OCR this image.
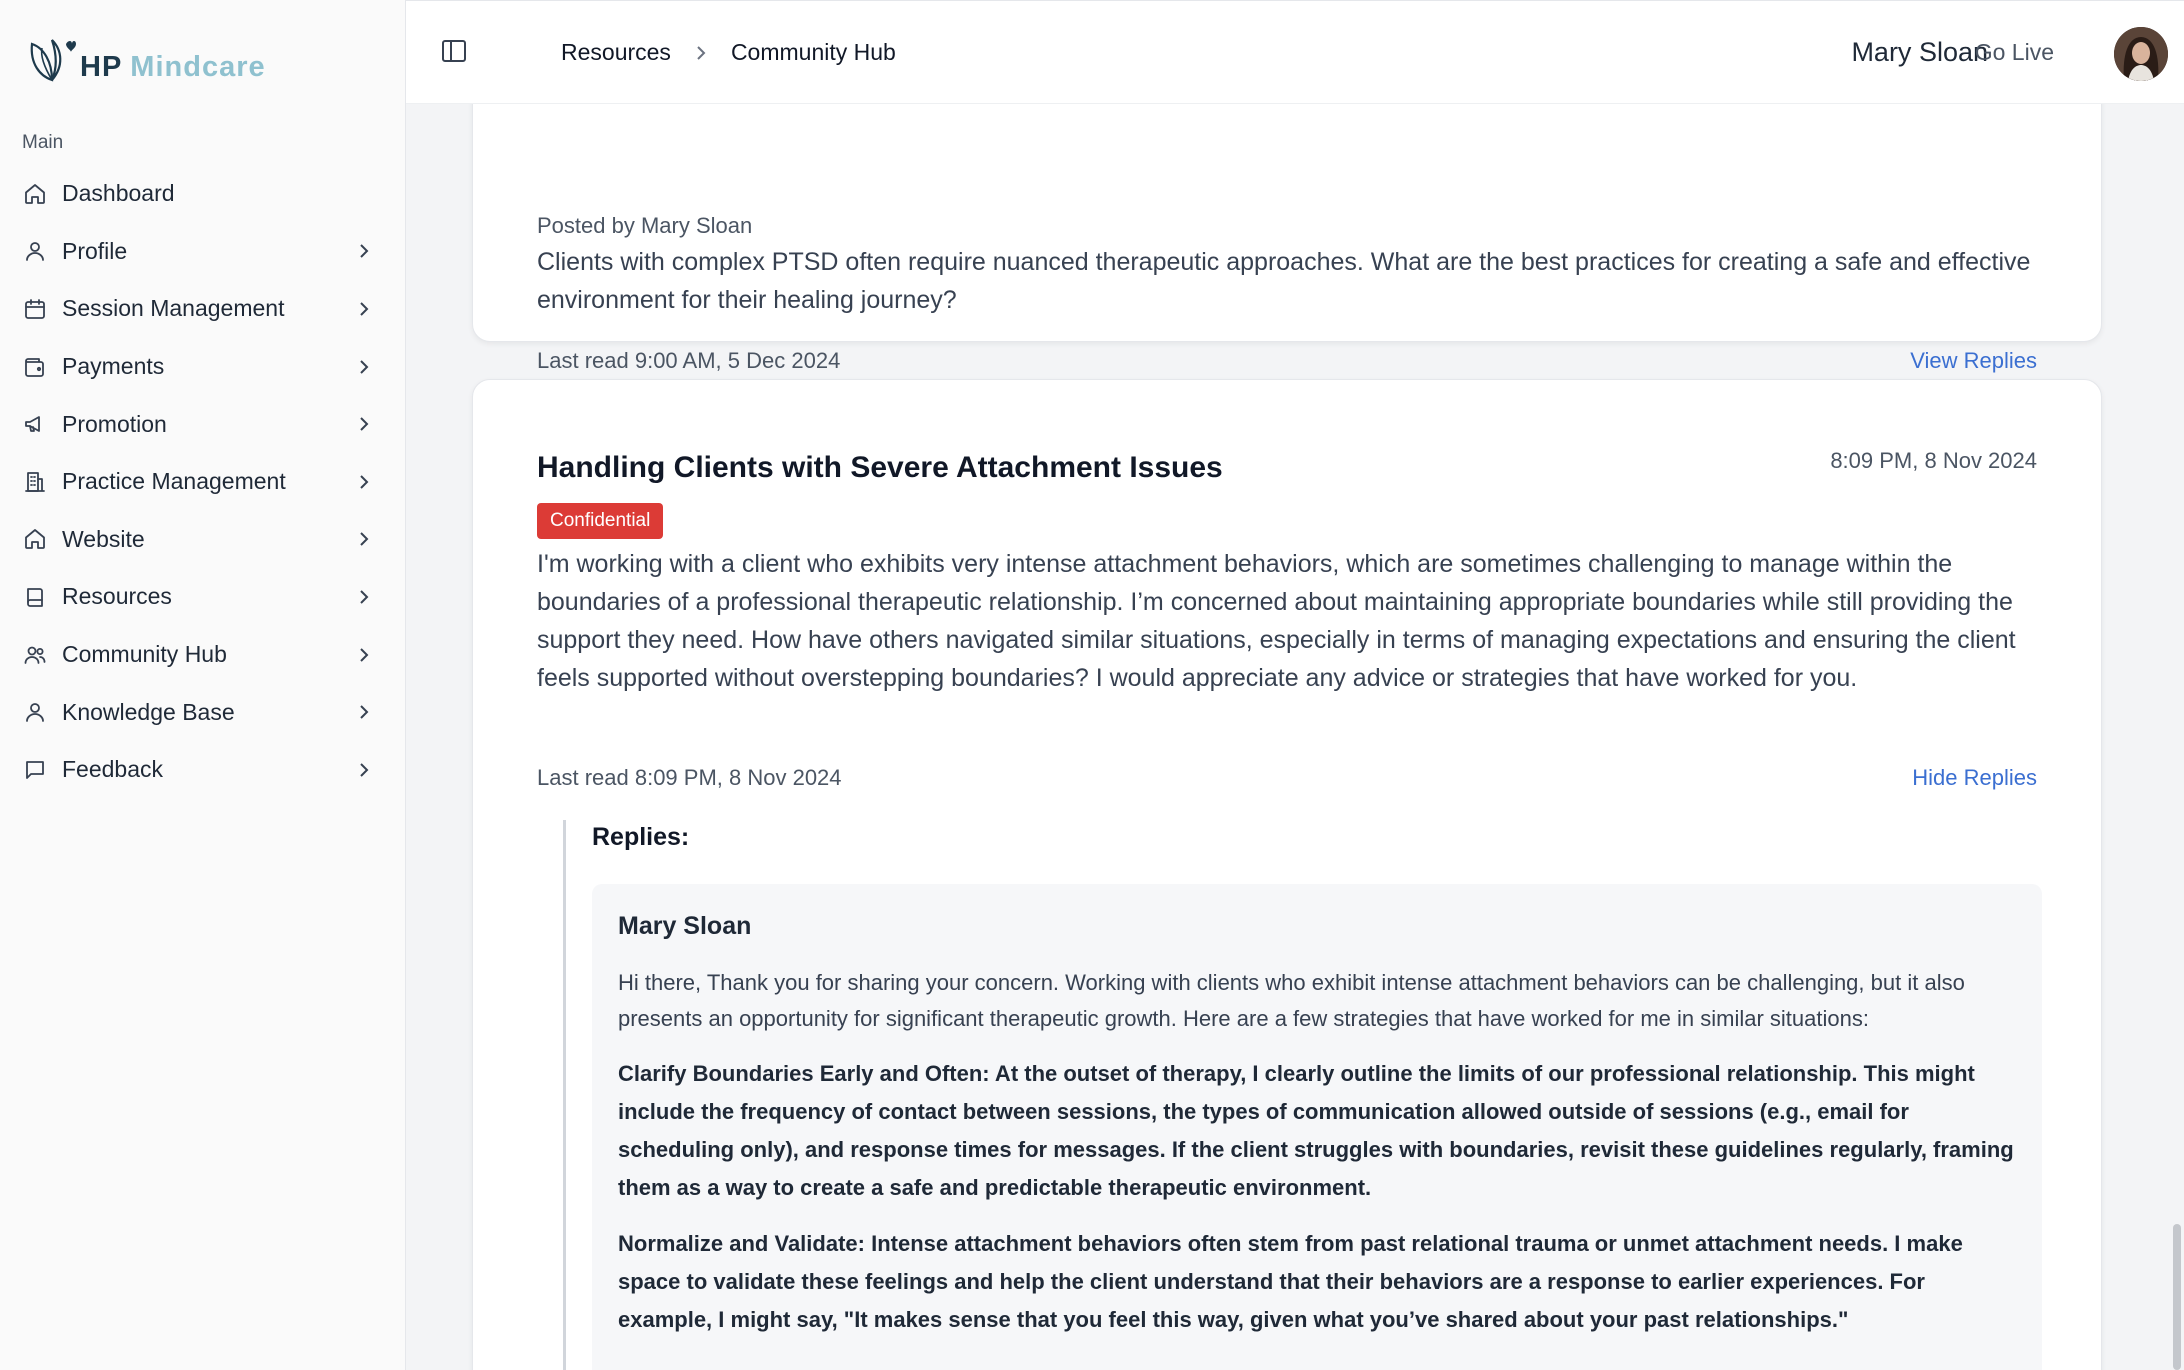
HP Mindcare
Main
Dashboard
Profile
Session Management
Payments
Promotion
Practice Management
Website
Resources
Community Hub
Knowledge Base
Feedback
Resources	Community Hub	Mary Sloan
Go Live
Posted by Mary Sloan
Clients with complex PTSD often require nuanced therapeutic approaches. What are the best practices for creating a safe and effective environment for their healing journey?
Last read 9:00 AM, 5 Dec 2024	View Replies
Handling Clients with Severe Attachment Issues	8:09 PM, 8 Nov 2024
Confidential
I'm working with a client who exhibits very intense attachment behaviors, which are sometimes challenging to manage within the boundaries of a professional therapeutic relationship. I’m concerned about maintaining appropriate boundaries while still providing the support they need. How have others navigated similar situations, especially in terms of managing expectations and ensuring the client feels supported without overstepping boundaries? I would appreciate any advice or strategies that have worked for you.
Last read 8:09 PM, 8 Nov 2024	Hide Replies
Replies:
Mary Sloan

Hi there, Thank you for sharing your concern. Working with clients who exhibit intense attachment behaviors can be challenging, but it also presents an opportunity for significant therapeutic growth. Here are a few strategies that have worked for me in similar situations:

Clarify Boundaries Early and Often: At the outset of therapy, I clearly outline the limits of our professional relationship. This might include the frequency of contact between sessions, the types of communication allowed outside of sessions (e.g., email for scheduling only), and response times for messages. If the client struggles with boundaries, revisit these guidelines regularly, framing them as a way to create a safe and predictable therapeutic environment.

Normalize and Validate: Intense attachment behaviors often stem from past relational trauma or unmet attachment needs. I make space to validate these feelings and help the client understand that their behaviors are a response to earlier experiences. For example, I might say, "It makes sense that you feel this way, given what you’ve shared about your past relationships."
